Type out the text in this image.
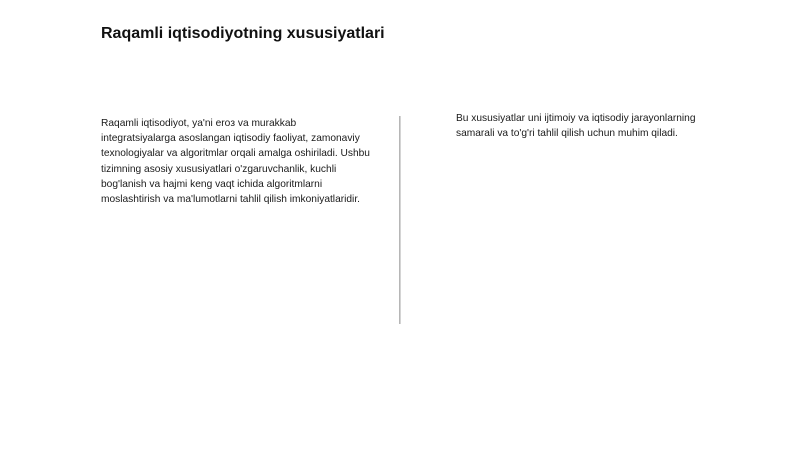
Raqamli iqtisodiyotning xususiyatlari

Raqamli iqtisodiyot, ya'ni eroз va murakkab integratsiyalarga asoslangan iqtisodiy faoliyat, zamonaviy texnologiyalar va algoritmlar orqali amalga oshiriladi. Ushbu tizimning asosiy xususiyatlari o'zgaruvchanlik, kuchli bog'lanish va hajmi keng vaqt ichida algoritmlarni moslashtirish va ma'lumotlarni tahlil qilish imkoniyatlaridir.

Bu xususiyatlar uni ijtimoiy va iqtisodiy jarayonlarning samarali va to'g'ri tahlil qilish uchun muhim qiladi.
